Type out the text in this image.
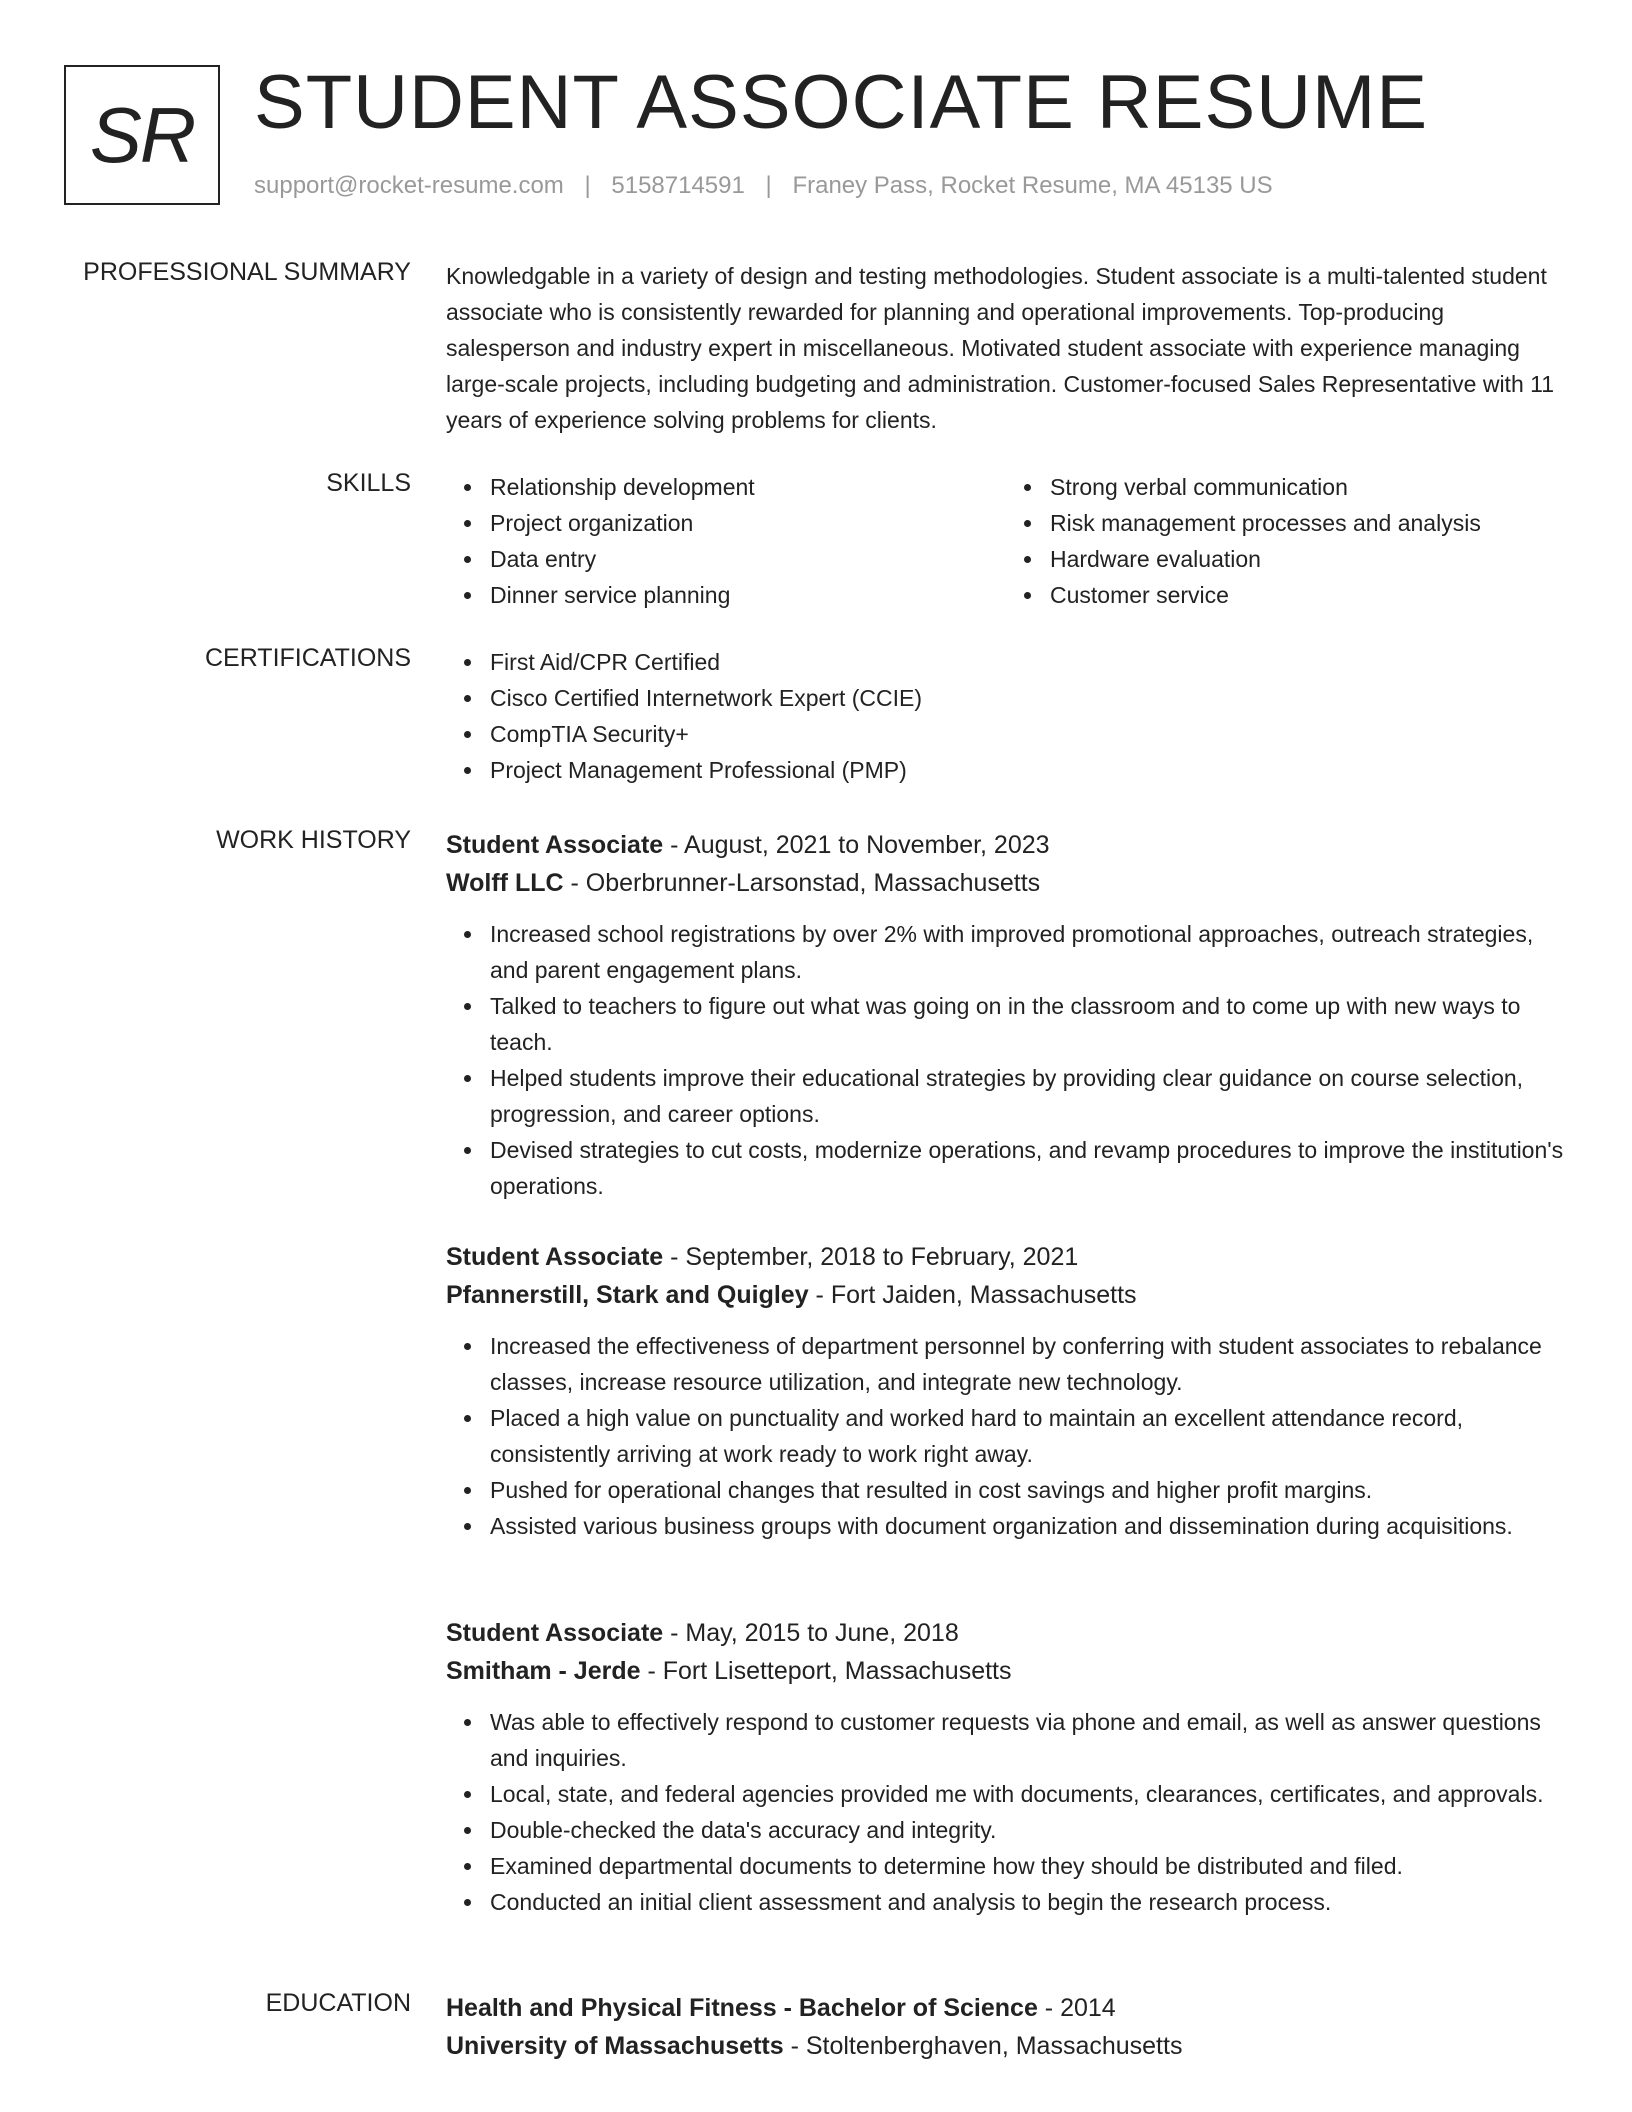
SR STUDENT ASSOCIATE RESUME
support@rocket-resume.com | 5158714591 | Franey Pass, Rocket Resume, MA 45135 US
PROFESSIONAL SUMMARY Knowledgable in a variety of design and testing methodologies. Student associate is a multi-talented student associate who is consistently rewarded for planning and operational improvements. Top-producing salesperson and industry expert in miscellaneous. Motivated student associate with experience managing large-scale projects, including budgeting and administration. Customer-focused Sales Representative with 11 years of experience solving problems for clients.

SKILLS	Relationship development
Project organization
Data entry
Dinner service planning
Strong verbal communication
Risk management processes and analysis
Hardware evaluation
Customer service
CERTIFICATIONS	First Aid/CPR Certified
Cisco Certified Internetwork Expert (CCIE)
CompTIA Security+
Project Management Professional (PMP)
WORK HISTORY Student Associate - August, 2021 to November, 2023
Wolff LLC - Oberbrunner-Larsonstad, Massachusetts
Increased school registrations by over 2% with improved promotional approaches, outreach strategies, and parent engagement plans.
Talked to teachers to figure out what was going on in the classroom and to come up with new ways to teach.
Helped students improve their educational strategies by providing clear guidance on course selection, progression, and career options.
Devised strategies to cut costs, modernize operations, and revamp procedures to improve the institution's operations.
Student Associate - September, 2018 to February, 2021
Pfannerstill, Stark and Quigley - Fort Jaiden, Massachusetts
Increased the effectiveness of department personnel by conferring with student associates to rebalance classes, increase resource utilization, and integrate new technology.
Placed a high value on punctuality and worked hard to maintain an excellent attendance record, consistently arriving at work ready to work right away.
Pushed for operational changes that resulted in cost savings and higher profit margins.
Assisted various business groups with document organization and dissemination during acquisitions.
Student Associate - May, 2015 to June, 2018
Smitham - Jerde - Fort Lisetteport, Massachusetts
Was able to effectively respond to customer requests via phone and email, as well as answer questions and inquiries.
Local, state, and federal agencies provided me with documents, clearances, certificates, and approvals.
Double-checked the data's accuracy and integrity.
Examined departmental documents to determine how they should be distributed and filed.
Conducted an initial client assessment and analysis to begin the research process.
EDUCATION Health and Physical Fitness - Bachelor of Science - 2014
University of Massachusetts - Stoltenberghaven, Massachusetts
